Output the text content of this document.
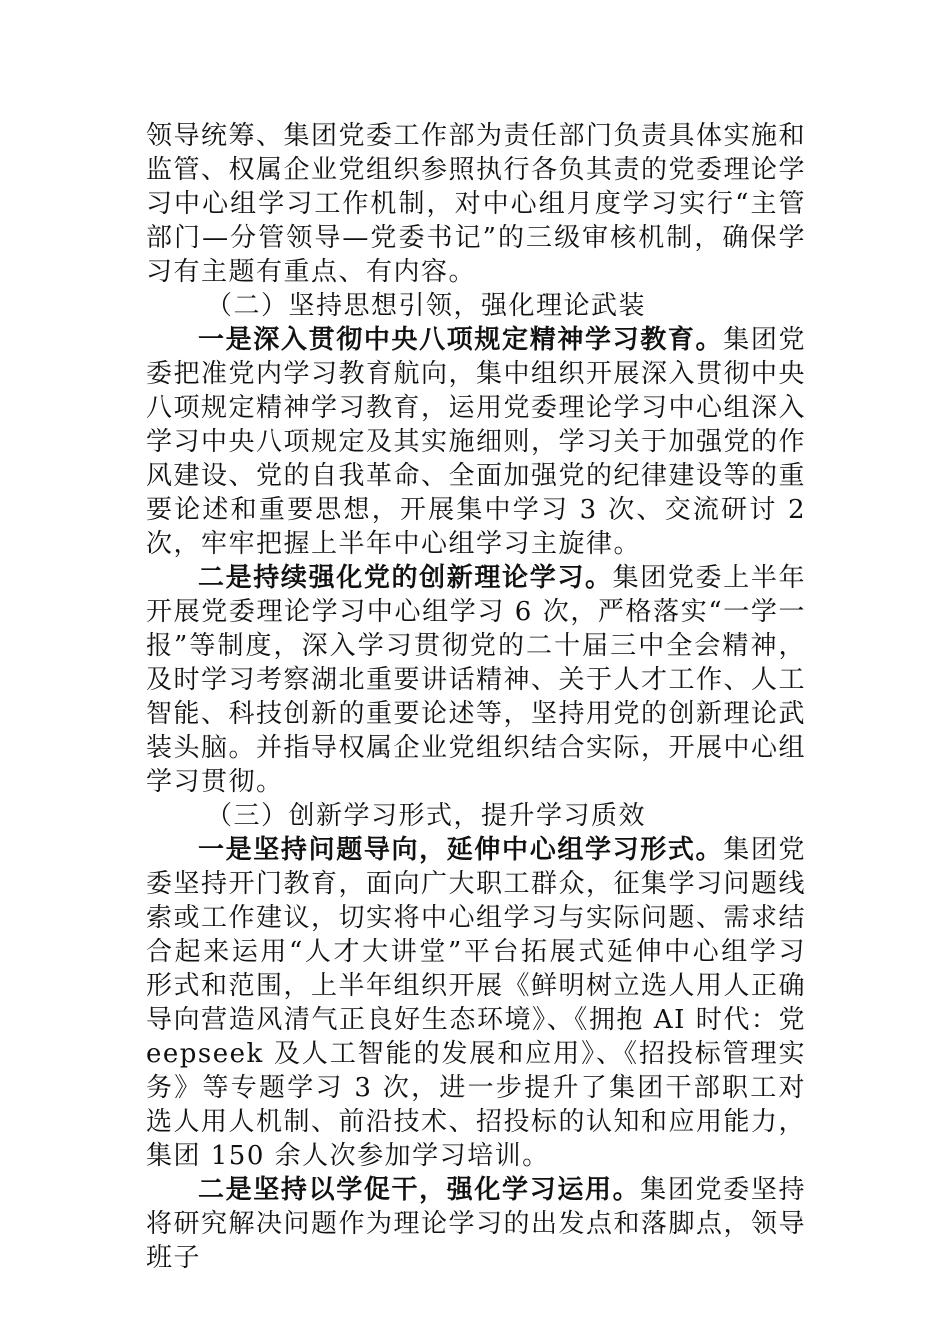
领导统筹、集团党委工作部为责任部门负责具体实施和监管、权属企业党组织参照执行各负其责的党委理论学习中心组学习工作机制，对中心组月度学习实行“主管部门—分管领导—党委书记”的三级审核机制，确保学习有主题有重点、有内容。

（二）坚持思想引领，强化理论武装

一是深入贯彻中央八项规定精神学习教育。集团党委把准党内学习教育航向，集中组织开展深入贯彻中央八项规定精神学习教育，运用党委理论学习中心组深入学习中央八项规定及其实施细则，学习关于加强党的作风建设、党的自我革命、全面加强党的纪律建设等的重要论述和重要思想，开展集中学习 3 次、交流研讨 2 次，牢牢把握上半年中心组学习主旋律。

二是持续强化党的创新理论学习。集团党委上半年开展党委理论学习中心组学习 6 次，严格落实“一学一报”等制度，深入学习贯彻党的二十届三中全会精神，及时学习考察湖北重要讲话精神、关于人才工作、人工智能、科技创新的重要论述等，坚持用党的创新理论武装头脑。并指导权属企业党组织结合实际，开展中心组学习贯彻。

（三）创新学习形式，提升学习质效

一是坚持问题导向，延伸中心组学习形式。集团党委坚持开门教育，面向广大职工群众，征集学习问题线索或工作建议，切实将中心组学习与实际问题、需求结合起来运用“人才大讲堂”平台拓展式延伸中心组学习形式和范围，上半年组织开展《鲜明树立选人用人正确导向营造风清气正良好生态环境》、《拥抱 AI 时代：党 eepseek 及人工智能的发展和应用》、《招投标管理实务》等专题学习 3 次，进一步提升了集团干部职工对选人用人机制、前沿技术、招投标的认知和应用能力，集团 150 余人次参加学习培训。

二是坚持以学促干，强化学习运用。集团党委坚持将研究解决问题作为理论学习的出发点和落脚点，领导班子
